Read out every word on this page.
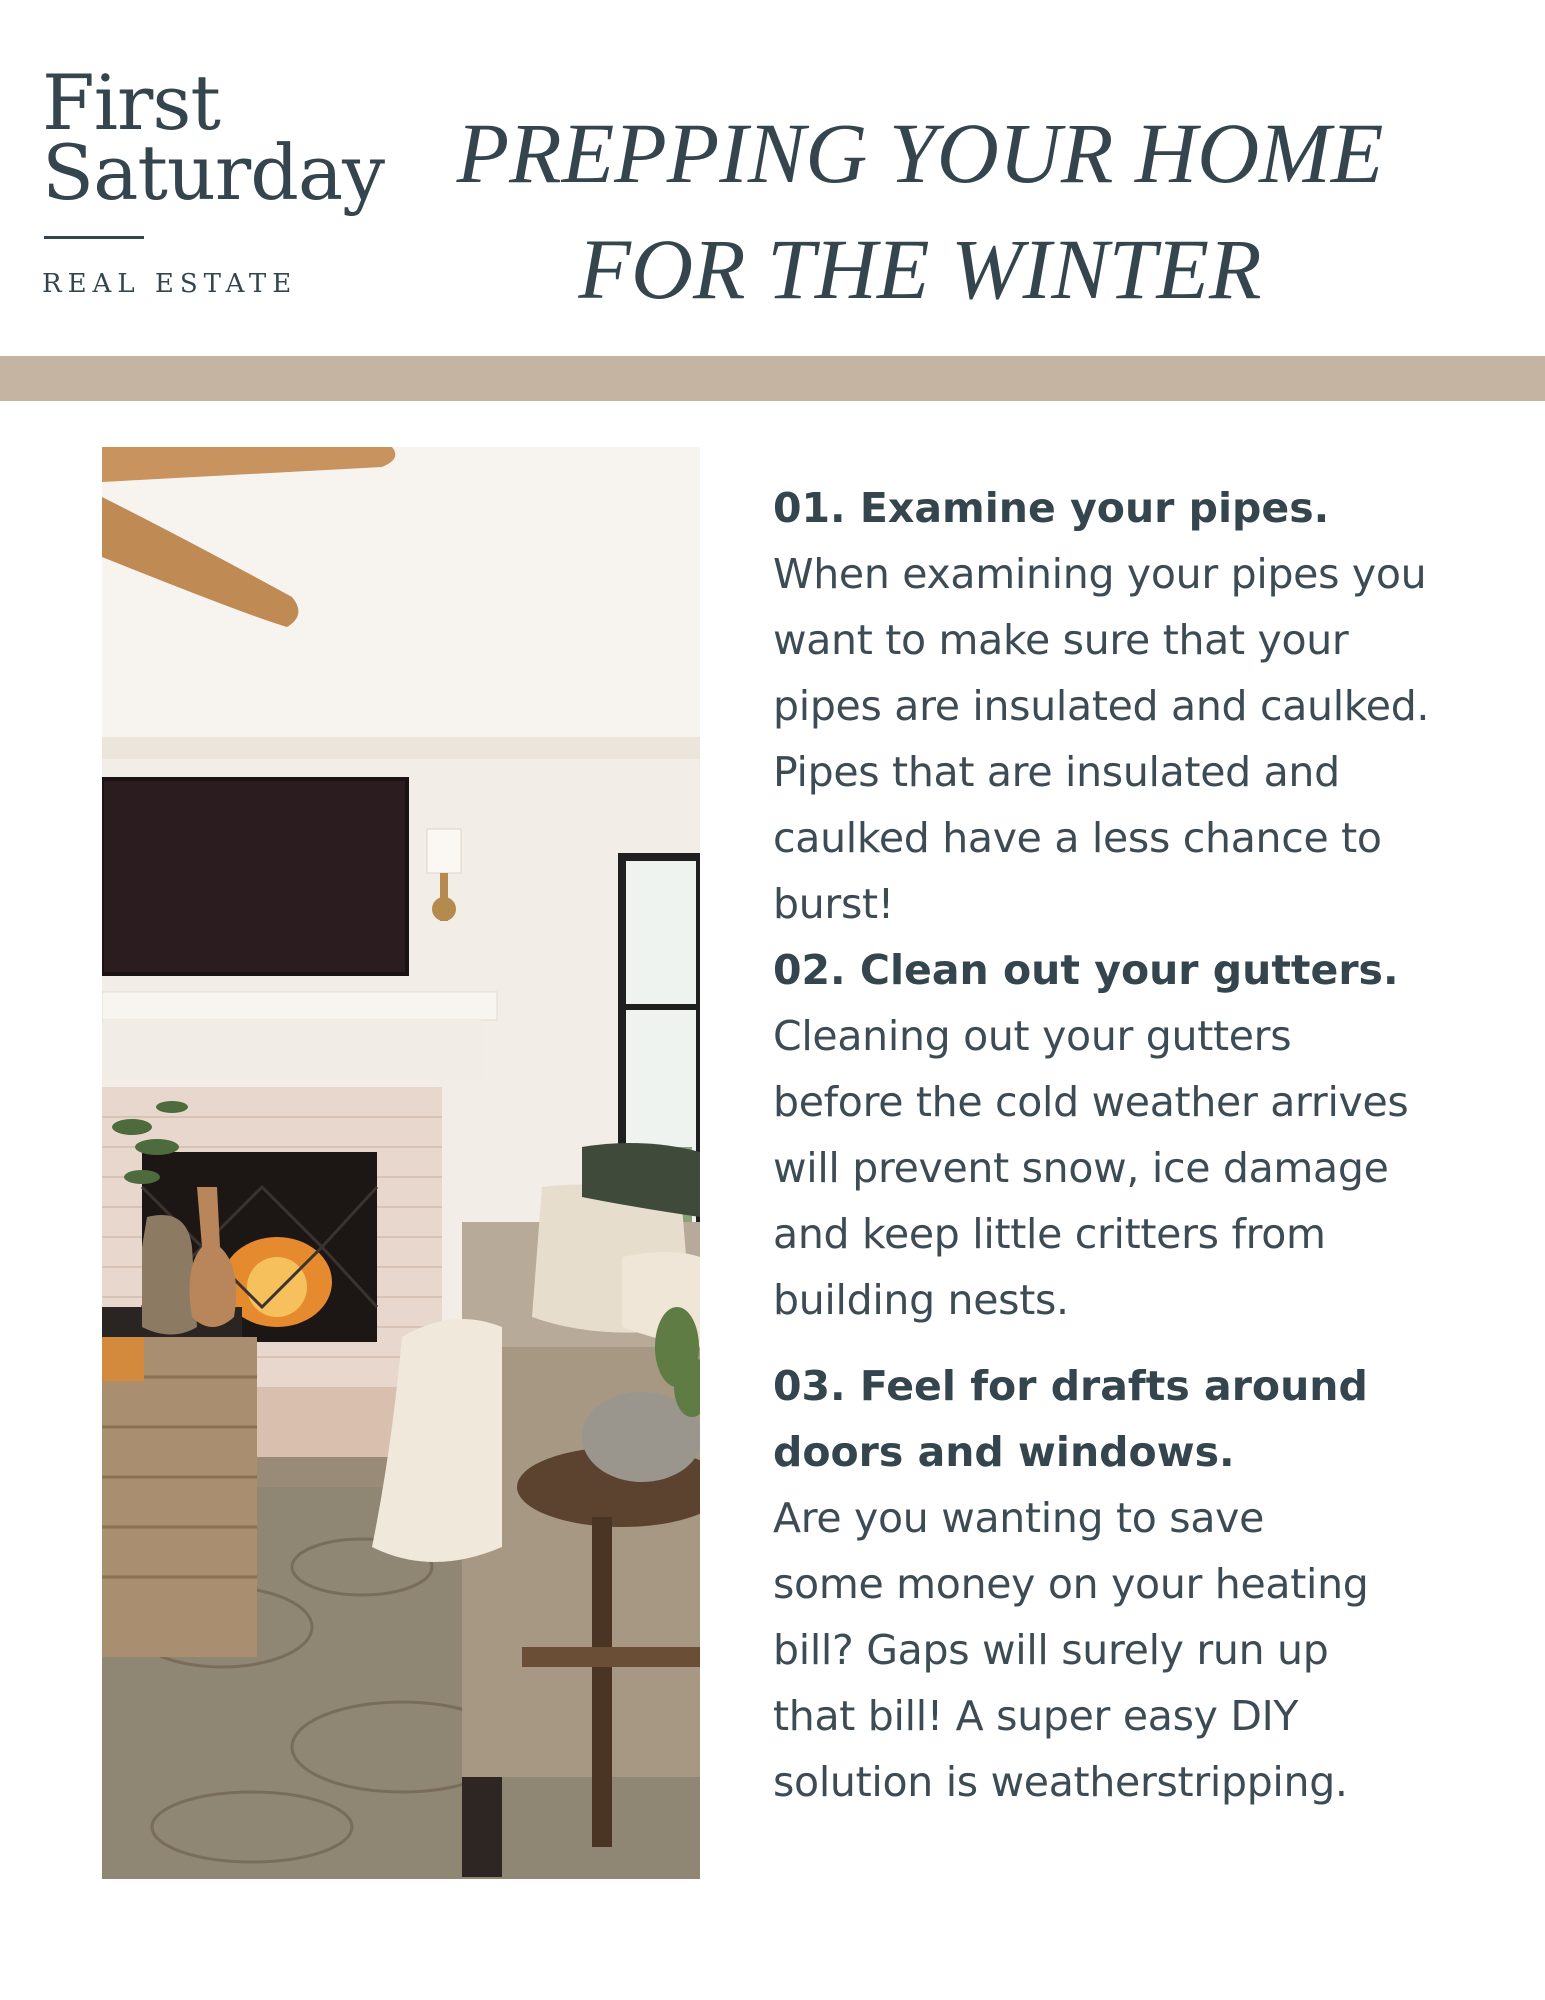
First
Saturday
REAL ESTATE
PREPPING YOUR HOME
FOR THE WINTER
01. Examine your pipes.

When examining your pipes you

want to make sure that your

pipes are insulated and caulked.

Pipes that are insulated and

caulked have a less chance to

burst!

02. Clean out your gutters.

Cleaning out your gutters

before the cold weather arrives

will prevent snow, ice damage

and keep little critters from

building nests.

03. Feel for drafts around
doors and windows.

Are you wanting to save

some money on your heating

bill? Gaps will surely run up

that bill! A super easy DIY

solution is weatherstripping.
